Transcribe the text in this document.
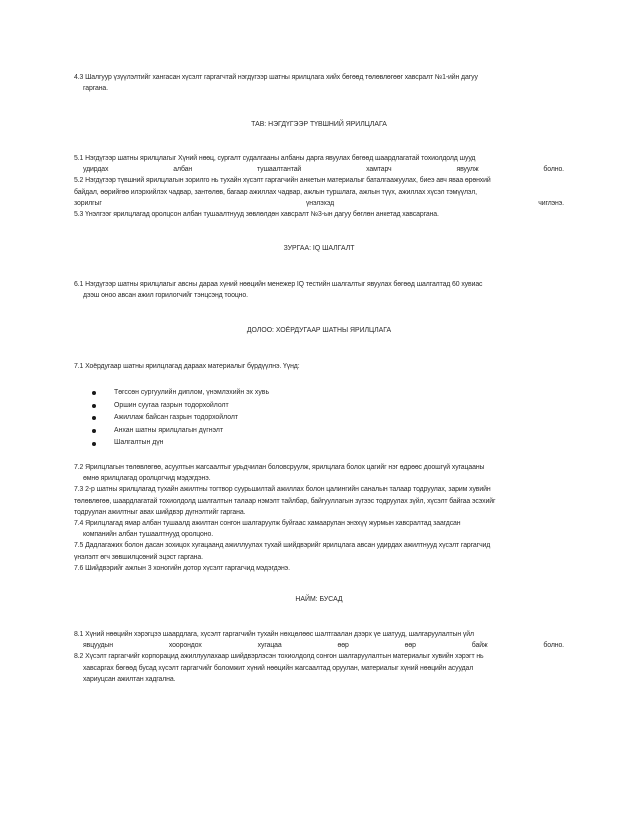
4.3 Шалгуур үзүүлэлтийг хангасан хүсэлт гаргагчтай нэгдүгээр шатны ярилцлага хийх бөгөөд төлөвлөгөөг хавсралт №1-ийн дагуу
гаргана.
ТАВ: НЭГДҮГЭЭР ТҮВШНИЙ ЯРИЛЦЛАГА
5.1 Нэгдүгээр шатны ярилцлагыг Хүний нөөц, сургалт судалгааны албаны дарга явуулах бөгөөд шаардлагатай тохиолдолд шууд
удирдах албан тушаалтантай хамтарч явуулж болно.
5.2 Нэгдүгээр түвшний ярилцлагын зорилго нь тухайн хүсэлт гаргагчийн анкетын материалыг баталгаажуулах, биеэ авч яваа өрөнхий
байдал, өөрийгөө илэрхийлэх чадвар, зантөлөв, багаар ажиллах чадвар, ажлын туршлага, ажлын түүх, ажиллах хүсэл тэмүүлэл,
зорилгыг үнэлэхэд чиглэнэ.
5.3 Үнэлгээг ярилцлагад оролцсон албан тушаалтнууд зөвлөлдөн хавсралт №3-ын дагуу бөглөн анкетад хавсаргана.
ЗУРГАА: IQ ШАЛГАЛТ
6.1 Нэгдүгээр шатны ярилцлагыг авсны дараа хүний нөөцийн менежер IQ тестийн шалгалтыг явуулах бөгөөд шалгалтад 60 хувиас
дээш оноо авсан ажил горилогчийг тэнцсэнд тооцно.
ДОЛОО: ХОЁРДУГААР ШАТНЫ ЯРИЛЦЛАГА
7.1 Хоёрдугаар шатны ярилцлагад дараах материалыг бүрдүүлнэ. Үүнд:
Төгссөн сургуулийн диплом, үнэмлэхийн эх хувь
Оршин суугаа газрын тодорхойлолт
Ажиллаж байсан газрын тодорхойлолт
Анхан шатны ярилцлагын дүгнэлт
Шалгалтын дүн
7.2 Ярилцлагын төлөвлөгөө, асуултын жагсаалтыг урьдчилан боловсруулж, ярилцлага болох цагийг нэг өдрөөс доошгүй хугацааны
өмнө ярилцлагад оролцогчид мэдэгдэнэ.
7.3 2-р шатны ярилцлагад тухайн ажилтны тогтвор суурьшилтай ажиллах болон цалингийн саналын талаар тодруулах, зарим хувийн
төлөвлөгөө, шаардлагатай тохиолдолд шалгалтын талаар нэмэлт тайлбар, байгууллагын зүгээс тодруулах зүйл, хүсэлт байгаа эсэхийг
тодруулан ажилтныг авах шийдвэр дүгнэлтийг гаргана.
7.4 Ярилцлагад ямар албан тушаалд ажилтан сонгон шалгаруулж буйгаас хамаарулан энэхүү журмын хавсралтад заагдсан
компанийн албан тушаалтнууд оролцоно.
7.5 Дадлагажих болон дасан зохицох хугацаанд ажиллуулах тухай шийдвэрийг ярилцлага авсан удирдах ажилтнууд хүсэлт гаргагчид
үнэлэлт өгч зөвшилцсөний эцэст гаргана.
7.6 Шийдвэрийг ажлын 3 хоногийн дотор хүсэлт гаргагчид мэдэгдэнэ.
НАЙМ: БУСАД
8.1 Хүний нөөцийн хэрэгцээ шаардлага, хүсэлт гаргагчийн тухайн нөхцөлөөс шалтгаалан дээрх үе шатууд, шалгаруулалтын үйл
явцуудын хоорондох хугацаа өөр өөр байж болно.
8.2 Хүсэлт гаргагчийг корпорацид ажиллуулахаар шийдвэрлэсэн тохиолдолд сонгон шалгаруулалтын материалыг хувийн хэрэгт нь
хавсаргах бөгөөд бусад хүсэлт гаргагчийг боломжит хүний нөөцийн жагсаалтад оруулан, материалыг хүний нөөцийн асуудал
хариуцсан ажилтан хадгална.
